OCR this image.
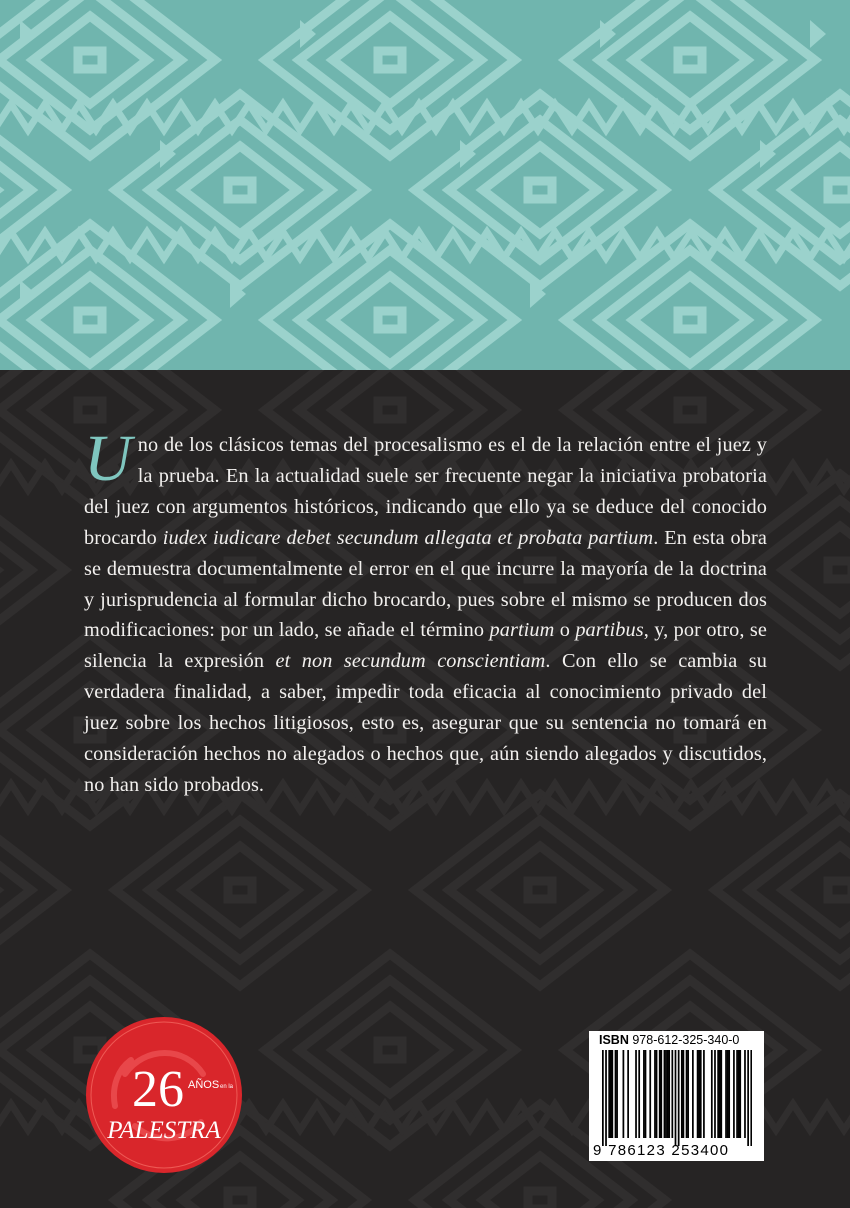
Uno de los clásicos temas del procesalismo es el de la relación entre el juez y la prueba. En la actualidad suele ser frecuente negar la iniciativa probatoria del juez con argumentos históricos, indicando que ello ya se deduce del conocido brocardo iudex iudicare debet secundum allegata et probata partium. En esta obra se demuestra documentalmente el error en el que incurre la mayoría de la doctrina y jurisprudencia al formular dicho brocardo, pues sobre el mismo se producen dos modificaciones: por un lado, se añade el término partium o partibus, y, por otro, se silencia la expresión et non secundum conscientiam. Con ello se cambia su verdadera finalidad, a saber, impedir toda eficacia al conocimiento privado del juez sobre los hechos litigiosos, esto es, asegurar que su sentencia no tomará en consideración hechos no alegados o hechos que, aún siendo alegados y discutidos, no han sido probados.
26 AÑOS en la
PALESTRA
ISBN 978-612-325-340-0
9 786123 253400
